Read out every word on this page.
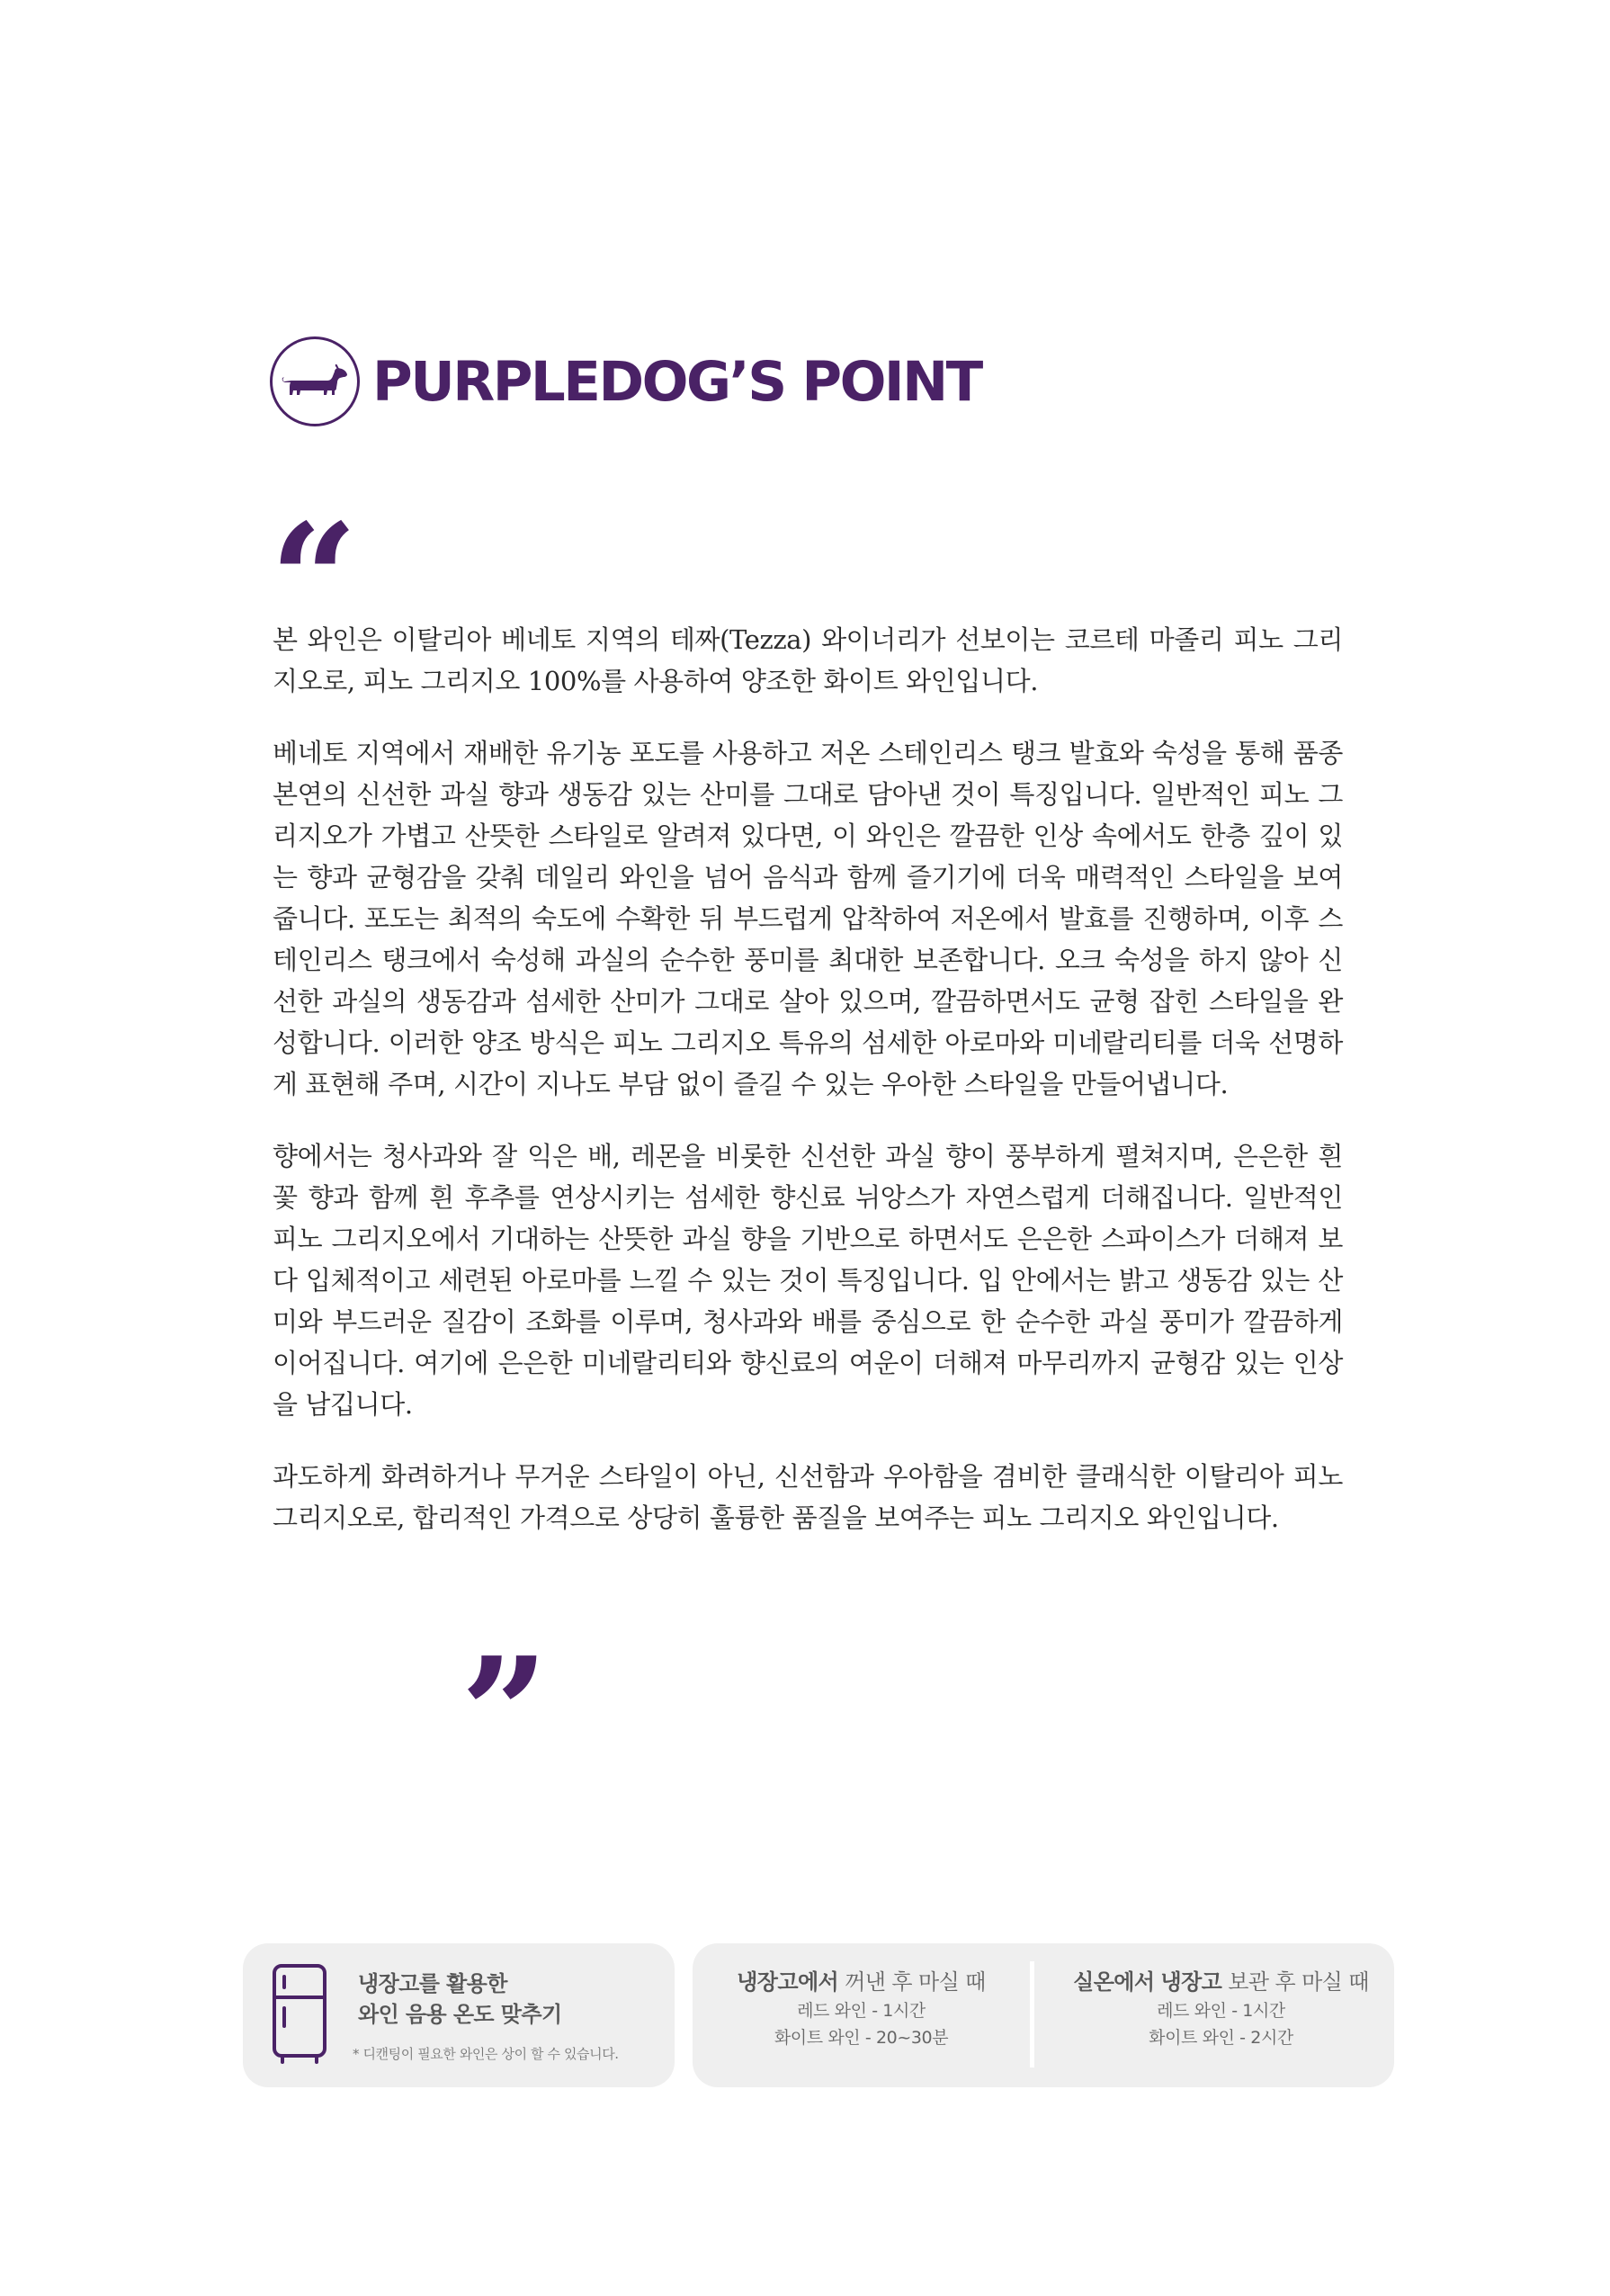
PURPLEDOG’S POINT
“

본 와인은 이탈리아 베네토 지역의 테짜(Tezza) 와이너리가 선보이는 코르테 마졸리 피노 그리지오로, 피노 그리지오 100%를 사용하여 양조한 화이트 와인입니다.

베네토 지역에서 재배한 유기농 포도를 사용하고 저온 스테인리스 탱크 발효와 숙성을 통해 품종 본연의 신선한 과실 향과 생동감 있는 산미를 그대로 담아낸 것이 특징입니다. 일반적인 피노 그리지오가 가볍고 산뜻한 스타일로 알려져 있다면, 이 와인은 깔끔한 인상 속에서도 한층 깊이 있는 향과 균형감을 갖춰 데일리 와인을 넘어 음식과 함께 즐기기에 더욱 매력적인 스타일을 보여줍니다. 포도는 최적의 숙도에 수확한 뒤 부드럽게 압착하여 저온에서 발효를 진행하며, 이후 스테인리스 탱크에서 숙성해 과실의 순수한 풍미를 최대한 보존합니다. 오크 숙성을 하지 않아 신선한 과실의 생동감과 섬세한 산미가 그대로 살아 있으며, 깔끔하면서도 균형 잡힌 스타일을 완성합니다. 이러한 양조 방식은 피노 그리지오 특유의 섬세한 아로마와 미네랄리티를 더욱 선명하게 표현해 주며, 시간이 지나도 부담 없이 즐길 수 있는 우아한 스타일을 만들어냅니다.

향에서는 청사과와 잘 익은 배, 레몬을 비롯한 신선한 과실 향이 풍부하게 펼쳐지며, 은은한 흰 꽃 향과 함께 흰 후추를 연상시키는 섬세한 향신료 뉘앙스가 자연스럽게 더해집니다. 일반적인 피노 그리지오에서 기대하는 산뜻한 과실 향을 기반으로 하면서도 은은한 스파이스가 더해져 보다 입체적이고 세련된 아로마를 느낄 수 있는 것이 특징입니다. 입 안에서는 밝고 생동감 있는 산미와 부드러운 질감이 조화를 이루며, 청사과와 배를 중심으로 한 순수한 과실 풍미가 깔끔하게 이어집니다. 여기에 은은한 미네랄리티와 향신료의 여운이 더해져 마무리까지 균형감 있는 인상을 남깁니다.

과도하게 화려하거나 무거운 스타일이 아닌, 신선함과 우아함을 겸비한 클래식한 이탈리아 피노 그리지오로, 합리적인 가격으로 상당히 훌륭한 품질을 보여주는 피노 그리지오 와인입니다.

”
냉장고를 활용한
와인 음용 온도 맞추기
* 디캔팅이 필요한 와인은 상이 할 수 있습니다.
냉장고에서 꺼낸 후 마실 때
레드 와인 - 1시간
화이트 와인 - 20~30분
실온에서 냉장고 보관 후 마실 때
레드 와인 - 1시간
화이트 와인 - 2시간
